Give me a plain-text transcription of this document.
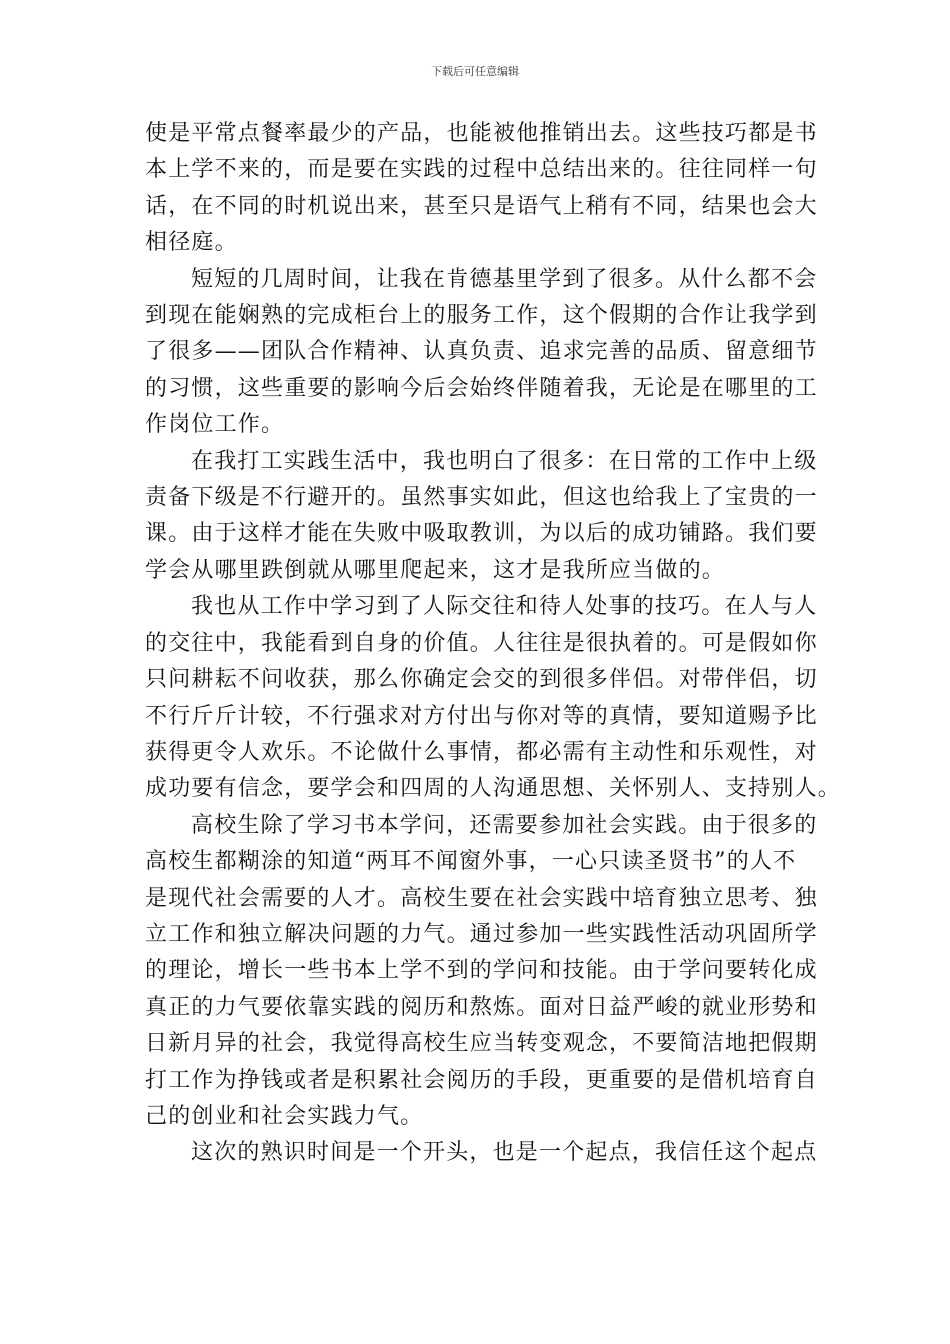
下载后可任意编辑

使是平常点餐率最少的产品，也能被他推销出去。这些技巧都是书
本上学不来的，而是要在实践的过程中总结出来的。往往同样一句
话，在不同的时机说出来，甚至只是语气上稍有不同，结果也会大
相径庭。

短短的几周时间，让我在肯德基里学到了很多。从什么都不会
到现在能娴熟的完成柜台上的服务工作，这个假期的合作让我学到
了很多——团队合作精神、认真负责、追求完善的品质、留意细节
的习惯，这些重要的影响今后会始终伴随着我，无论是在哪里的工
作岗位工作。

在我打工实践生活中，我也明白了很多：在日常的工作中上级
责备下级是不行避开的。虽然事实如此，但这也给我上了宝贵的一
课。由于这样才能在失败中吸取教训，为以后的成功铺路。我们要
学会从哪里跌倒就从哪里爬起来，这才是我所应当做的。

我也从工作中学习到了人际交往和待人处事的技巧。在人与人
的交往中，我能看到自身的价值。人往往是很执着的。可是假如你
只问耕耘不问收获，那么你确定会交的到很多伴侣。对带伴侣，切
不行斤斤计较，不行强求对方付出与你对等的真情，要知道赐予比
获得更令人欢乐。不论做什么事情，都必需有主动性和乐观性，对
成功要有信念，要学会和四周的人沟通思想、关怀别人、支持别人。

高校生除了学习书本学问，还需要参加社会实践。由于很多的
高校生都糊涂的知道“两耳不闻窗外事，一心只读圣贤书”的人不
是现代社会需要的人才。高校生要在社会实践中培育独立思考、独
立工作和独立解决问题的力气。通过参加一些实践性活动巩固所学
的理论，增长一些书本上学不到的学问和技能。由于学问要转化成
真正的力气要依靠实践的阅历和熬炼。面对日益严峻的就业形势和
日新月异的社会，我觉得高校生应当转变观念，不要简洁地把假期
打工作为挣钱或者是积累社会阅历的手段，更重要的是借机培育自
己的创业和社会实践力气。

这次的熟识时间是一个开头，也是一个起点，我信任这个起点
